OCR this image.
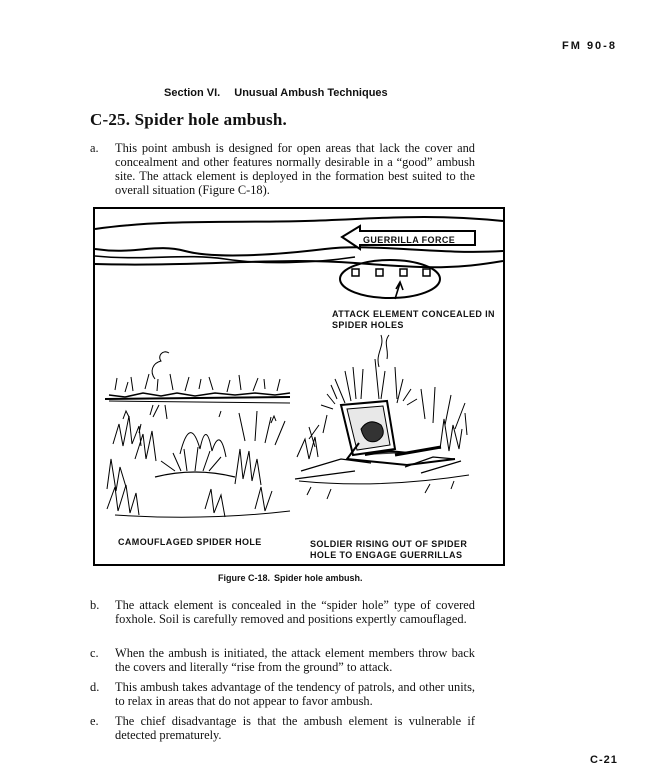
FM 90-8
Section VI. Unusual Ambush Techniques
C-25. Spider hole ambush.
a.	This point ambush is designed for open areas that lack the cover and concealment and other features normally desirable in a “good” ambush site. The attack element is deployed in the formation best suited to the overall situation (Figure C-18).
GUERRILLA FORCE
ATTACK ELEMENT CONCEALED IN SPIDER HOLES
CAMOUFLAGED SPIDER HOLE	SOLDIER RISING OUT OF SPIDER HOLE TO ENGAGE GUERRILLAS
Figure C-18. Spider hole ambush.
b.	The attack element is concealed in the “spider hole” type of covered foxhole. Soil is carefully removed and positions expertly camouflaged.
c.	When the ambush is initiated, the attack element members throw back the covers and literally “rise from the ground” to attack.
d.	This ambush takes advantage of the tendency of patrols, and other units, to relax in areas that do not appear to favor ambush.
e.	The chief disadvantage is that the ambush element is vulnerable if detected prematurely.
C-21
